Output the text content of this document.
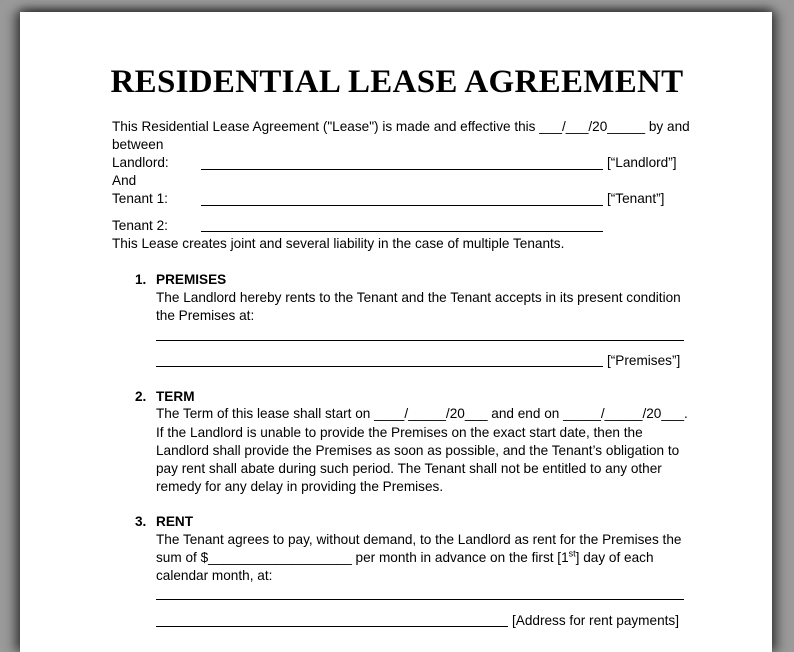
RESIDENTIAL LEASE AGREEMENT
This Residential Lease Agreement ("Lease") is made and effective this ___/___/20_____ by and
between
Landlord:	[“Landlord”]
And
Tenant 1:	[“Tenant”]
Tenant 2:
This Lease creates joint and several liability in the case of multiple Tenants.
1. PREMISES
The Landlord hereby rents to the Tenant and the Tenant accepts in its present condition
the Premises at:
[“Premises”]
2. TERM
The Term of this lease shall start on ____/_____/20___ and end on _____/_____/20___.
If the Landlord is unable to provide the Premises on the exact start date, then the
Landlord shall provide the Premises as soon as possible, and the Tenant’s obligation to
pay rent shall abate during such period. The Tenant shall not be entitled to any other
remedy for any delay in providing the Premises.
3. RENT
The Tenant agrees to pay, without demand, to the Landlord as rent for the Premises the
sum of $___________________ per month in advance on the first [1st] day of each
calendar month, at:
[Address for rent payments]
